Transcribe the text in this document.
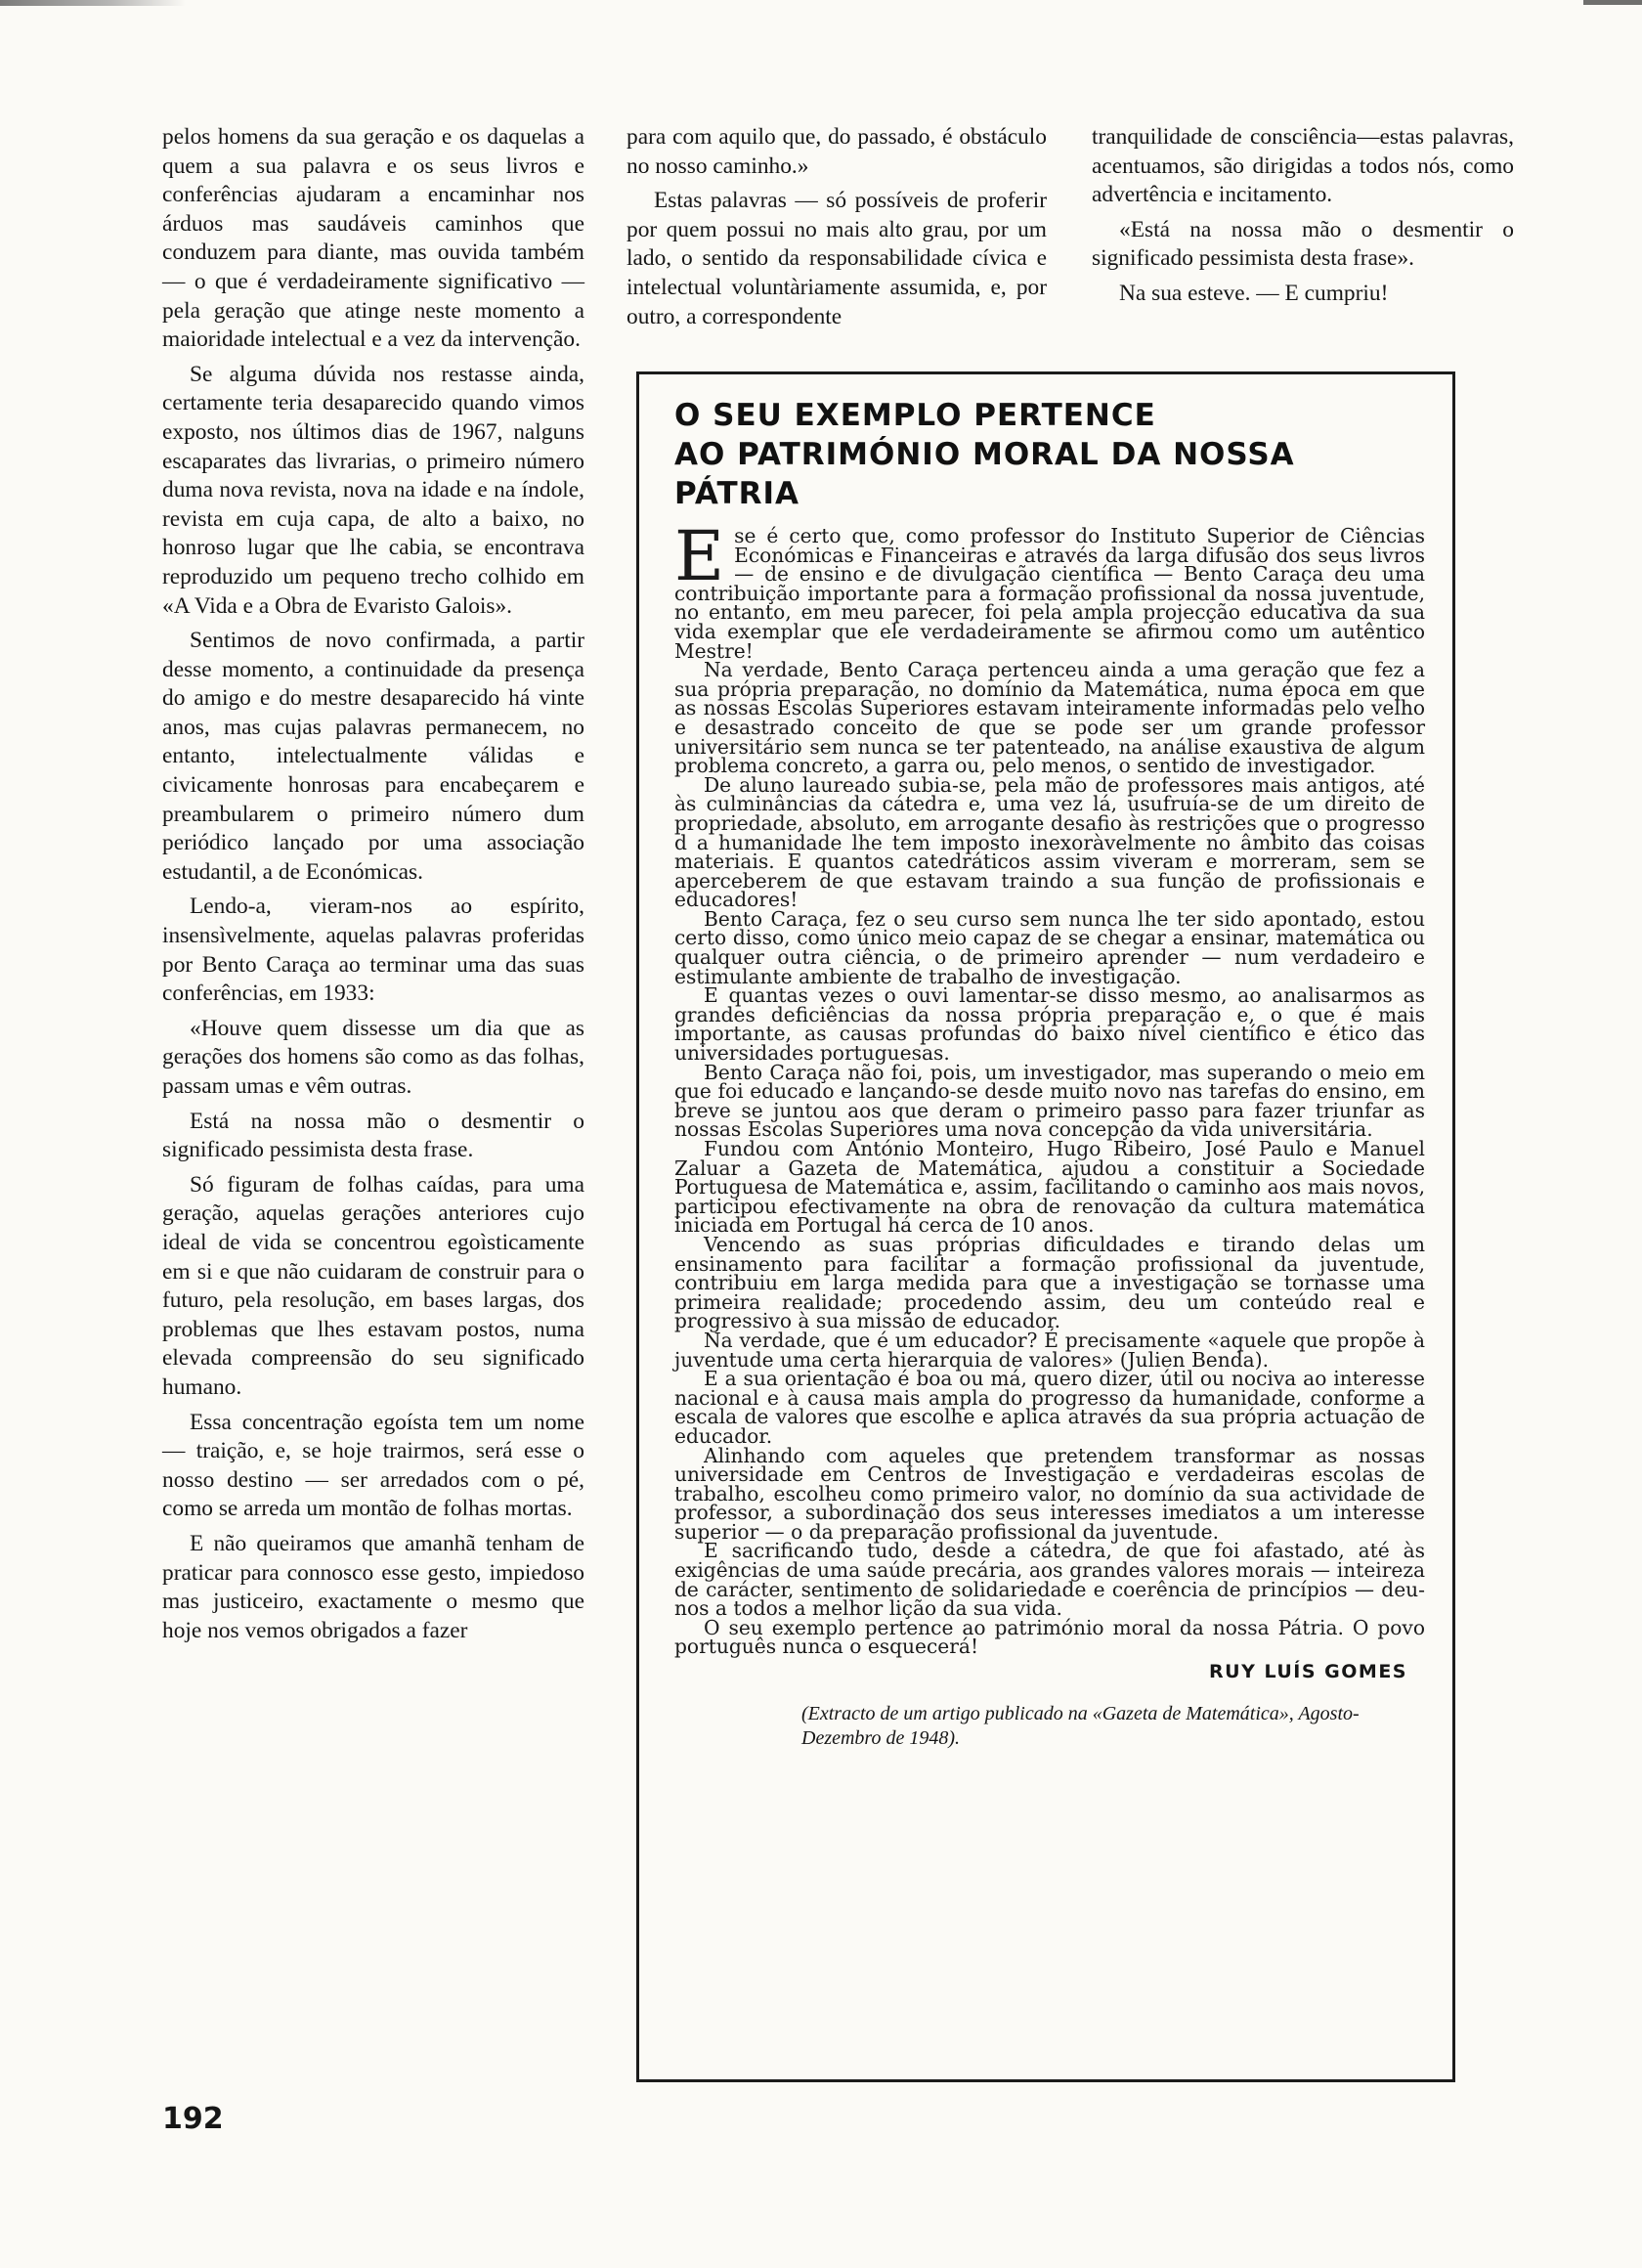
pelos homens da sua geração e os daquelas a quem a sua palavra e os seus livros e conferências ajudaram a encaminhar nos árduos mas saudáveis caminhos que conduzem para diante, mas ouvida também — o que é verdadeiramente significativo — pela geração que atinge neste momento a maioridade intelectual e a vez da intervenção.

Se alguma dúvida nos restasse ainda, certamente teria desaparecido quando vimos exposto, nos últimos dias de 1967, nalguns escaparates das livrarias, o primeiro número duma nova revista, nova na idade e na índole, revista em cuja capa, de alto a baixo, no honroso lugar que lhe cabia, se encontrava reproduzido um pequeno trecho colhido em «A Vida e a Obra de Evaristo Galois».

Sentimos de novo confirmada, a partir desse momento, a continuidade da presença do amigo e do mestre desaparecido há vinte anos, mas cujas palavras permanecem, no entanto, intelectualmente válidas e civicamente honrosas para encabeçarem e preambularem o primeiro número dum periódico lançado por uma associação estudantil, a de Económicas.

Lendo-a, vieram-nos ao espírito, insensìvelmente, aquelas palavras proferidas por Bento Caraça ao terminar uma das suas conferências, em 1933:

«Houve quem dissesse um dia que as gerações dos homens são como as das folhas, passam umas e vêm outras.

Está na nossa mão o desmentir o significado pessimista desta frase.

Só figuram de folhas caídas, para uma geração, aquelas gerações anteriores cujo ideal de vida se concentrou egoìsticamente em si e que não cuidaram de construir para o futuro, pela resolução, em bases largas, dos problemas que lhes estavam postos, numa elevada compreensão do seu significado humano.

Essa concentração egoísta tem um nome — traição, e, se hoje trairmos, será esse o nosso destino — ser arredados com o pé, como se arreda um montão de folhas mortas.

E não queiramos que amanhã tenham de praticar para connosco esse gesto, impiedoso mas justiceiro, exactamente o mesmo que hoje nos vemos obrigados a fazer

para com aquilo que, do passado, é obstáculo no nosso caminho.»

Estas palavras — só possíveis de proferir por quem possui no mais alto grau, por um lado, o sentido da responsabilidade cívica e intelectual voluntàriamente assumida, e, por outro, a correspondente

tranquilidade de consciência—estas palavras, acentuamos, são dirigidas a todos nós, como advertência e incitamento.

«Está na nossa mão o desmentir o significado pessimista desta frase».

Na sua esteve. — E cumpriu!

O SEU EXEMPLO PERTENCE
AO PATRIMÓNIO MORAL DA NOSSA PÁTRIA

Ese é certo que, como professor do Instituto Superior de Ciências Económicas e Financeiras e através da larga difusão dos seus livros — de ensino e de divulgação científica — Bento Caraça deu uma contribuição importante para a formação profissional da nossa juventude, no entanto, em meu parecer, foi pela ampla projecção educativa da sua vida exemplar que ele verdadeiramente se afirmou como um autêntico Mestre!

Na verdade, Bento Caraça pertenceu ainda a uma geração que fez a sua própria preparação, no domínio da Matemática, numa época em que as nossas Escolas Superiores estavam inteiramente informadas pelo velho e desastrado conceito de que se pode ser um grande professor universitário sem nunca se ter patenteado, na análise exaustiva de algum problema concreto, a garra ou, pelo menos, o sentido de investigador.

De aluno laureado subia-se, pela mão de professores mais antigos, até às culminâncias da cátedra e, uma vez lá, usufruía-se de um direito de propriedade, absoluto, em arrogante desafio às restrições que o progresso d a humanidade lhe tem imposto inexoràvelmente no âmbito das coisas materiais. E quantos catedráticos assim viveram e morreram, sem se aperceberem de que estavam traindo a sua função de profissionais e educadores!

Bento Caraça, fez o seu curso sem nunca lhe ter sido apontado, estou certo disso, como único meio capaz de se chegar a ensinar, matemática ou qualquer outra ciência, o de primeiro aprender — num verdadeiro e estimulante ambiente de trabalho de investigação.

E quantas vezes o ouvi lamentar-se disso mesmo, ao analisarmos as grandes deficiências da nossa própria preparação e, o que é mais importante, as causas profundas do baixo nível científico e ético das universidades portuguesas.

Bento Caraça não foi, pois, um investigador, mas superando o meio em que foi educado e lançando-se desde muito novo nas tarefas do ensino, em breve se juntou aos que deram o primeiro passo para fazer triunfar as nossas Escolas Superiores uma nova concepção da vida universitária.

Fundou com António Monteiro, Hugo Ribeiro, José Paulo e Manuel Zaluar a Gazeta de Matemática, ajudou a constituir a Sociedade Portuguesa de Matemática e, assim, facilitando o caminho aos mais novos, participou efectivamente na obra de renovação da cultura matemática iniciada em Portugal há cerca de 10 anos.

Vencendo as suas próprias dificuldades e tirando delas um ensinamento para facilitar a formação profissional da juventude, contribuiu em larga medida para que a investigação se tornasse uma primeira realidade; procedendo assim, deu um conteúdo real e progressivo à sua missão de educador.

Na verdade, que é um educador? É precisamente «aquele que propõe à juventude uma certa hierarquia de valores» (Julien Benda).

E a sua orientação é boa ou má, quero dizer, útil ou nociva ao interesse nacional e à causa mais ampla do progresso da humanidade, conforme a escala de valores que escolhe e aplica através da sua própria actuação de educador.

Alinhando com aqueles que pretendem transformar as nossas universidade em Centros de Investigação e verdadeiras escolas de trabalho, escolheu como primeiro valor, no domínio da sua actividade de professor, a subordinação dos seus interesses imediatos a um interesse superior — o da preparação profissional da juventude.

E sacrificando tudo, desde a cátedra, de que foi afastado, até às exigências de uma saúde precária, aos grandes valores morais — inteireza de carácter, sentimento de solidariedade e coerência de princípios — deu-nos a todos a melhor lição da sua vida.

O seu exemplo pertence ao património moral da nossa Pátria. O povo português nunca o esquecerá!

RUY LUÍS GOMES
(Extracto de um artigo publicado na «Gazeta de Matemática», Agosto-Dezembro de 1948).
192
